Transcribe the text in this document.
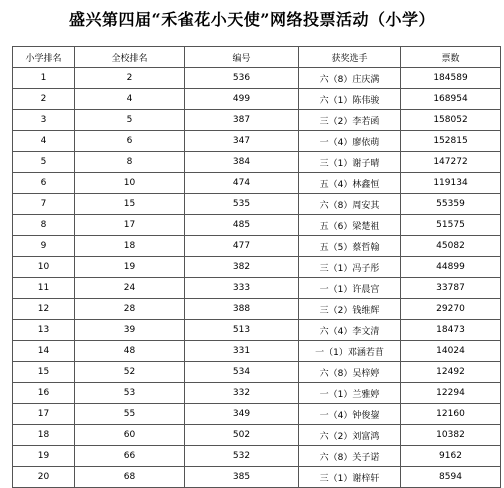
盛兴第四届“禾雀花小天使”网络投票活动（小学）
小学排名	全校排名	编号	获奖选手	票数
1	2	536	六（8）庄庆满	184589
2	4	499	六（1）陈伟骏	168954
3	5	387	三（2）李若函	158052
4	6	347	一（4）廖依萌	152815
5	8	384	三（1）谢子晴	147272
6	10	474	五（4）林鑫恒	119134
7	15	535	六（8）周安其	55359
8	17	485	五（6）梁楚祖	51575
9	18	477	五（5）蔡哲翰	45082
10	19	382	三（1）冯子彤	44899
11	24	333	一（1）许晨宫	33787
12	28	388	三（2）钱维辉	29270
13	39	513	六（4）李文清	18473
14	48	331	一（1）邓涵若苜	14024
15	52	534	六（8）吴梓婷	12492
16	53	332	一（1）兰雅婷	12294
17	55	349	一（4）钟俊鋆	12160
18	60	502	六（2）刘富鸿	10382
19	66	532	六（8）关子诺	9162
20	68	385	三（1）谢梓轩	8594
